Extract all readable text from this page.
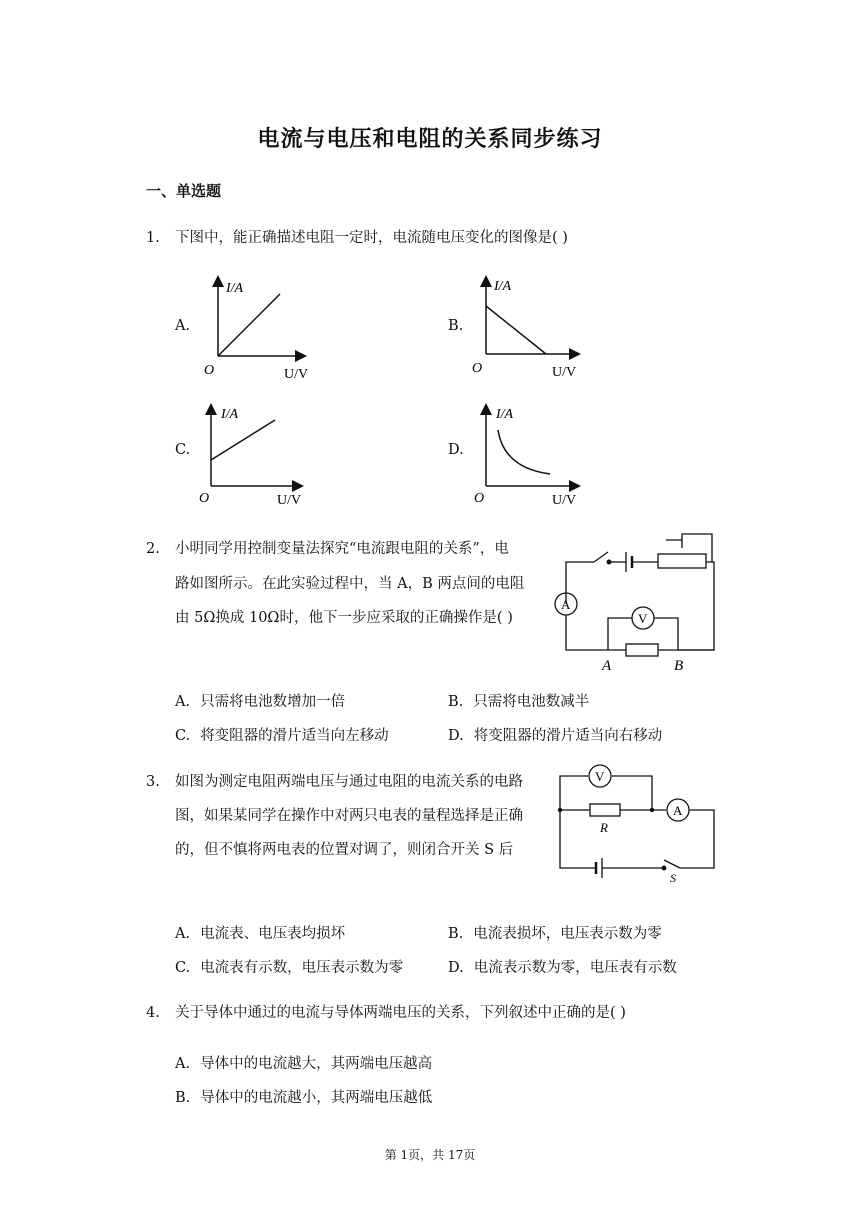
电流与电压和电阻的关系同步练习
一、单选题
1. 下图中，能正确描述电阻一定时，电流随电压变化的图像是( )
A.
I/A
O	U/V
B.
I/A
O	U/V
C.
I/A
O	U/V
D.
I/A
O	U/V
2. 小明同学用控制变量法探究“电流跟电阻的关系”，电
路如图所示。在此实验过程中，当 A，B 两点间的电阻
由 5Ω换成 10Ω时，他下一步应采取的正确操作是( )
A
V
A	B
A. 只需将电池数增加一倍	B. 只需将电池数减半
C. 将变阻器的滑片适当向左移动	D. 将变阻器的滑片适当向右移动
3. 如图为测定电阻两端电压与通过电阻的电流关系的电路
图，如果某同学在操作中对两只电表的量程选择是正确
的，但不慎将两电表的位置对调了，则闭合开关 S 后
V
A
R
S
A. 电流表、电压表均损坏	B. 电流表损坏，电压表示数为零
C. 电流表有示数，电压表示数为零	D. 电流表示数为零，电压表有示数
4. 关于导体中通过的电流与导体两端电压的关系，下列叙述中正确的是( )
A. 导体中的电流越大，其两端电压越高
B. 导体中的电流越小，其两端电压越低
第 1页，共 17页
